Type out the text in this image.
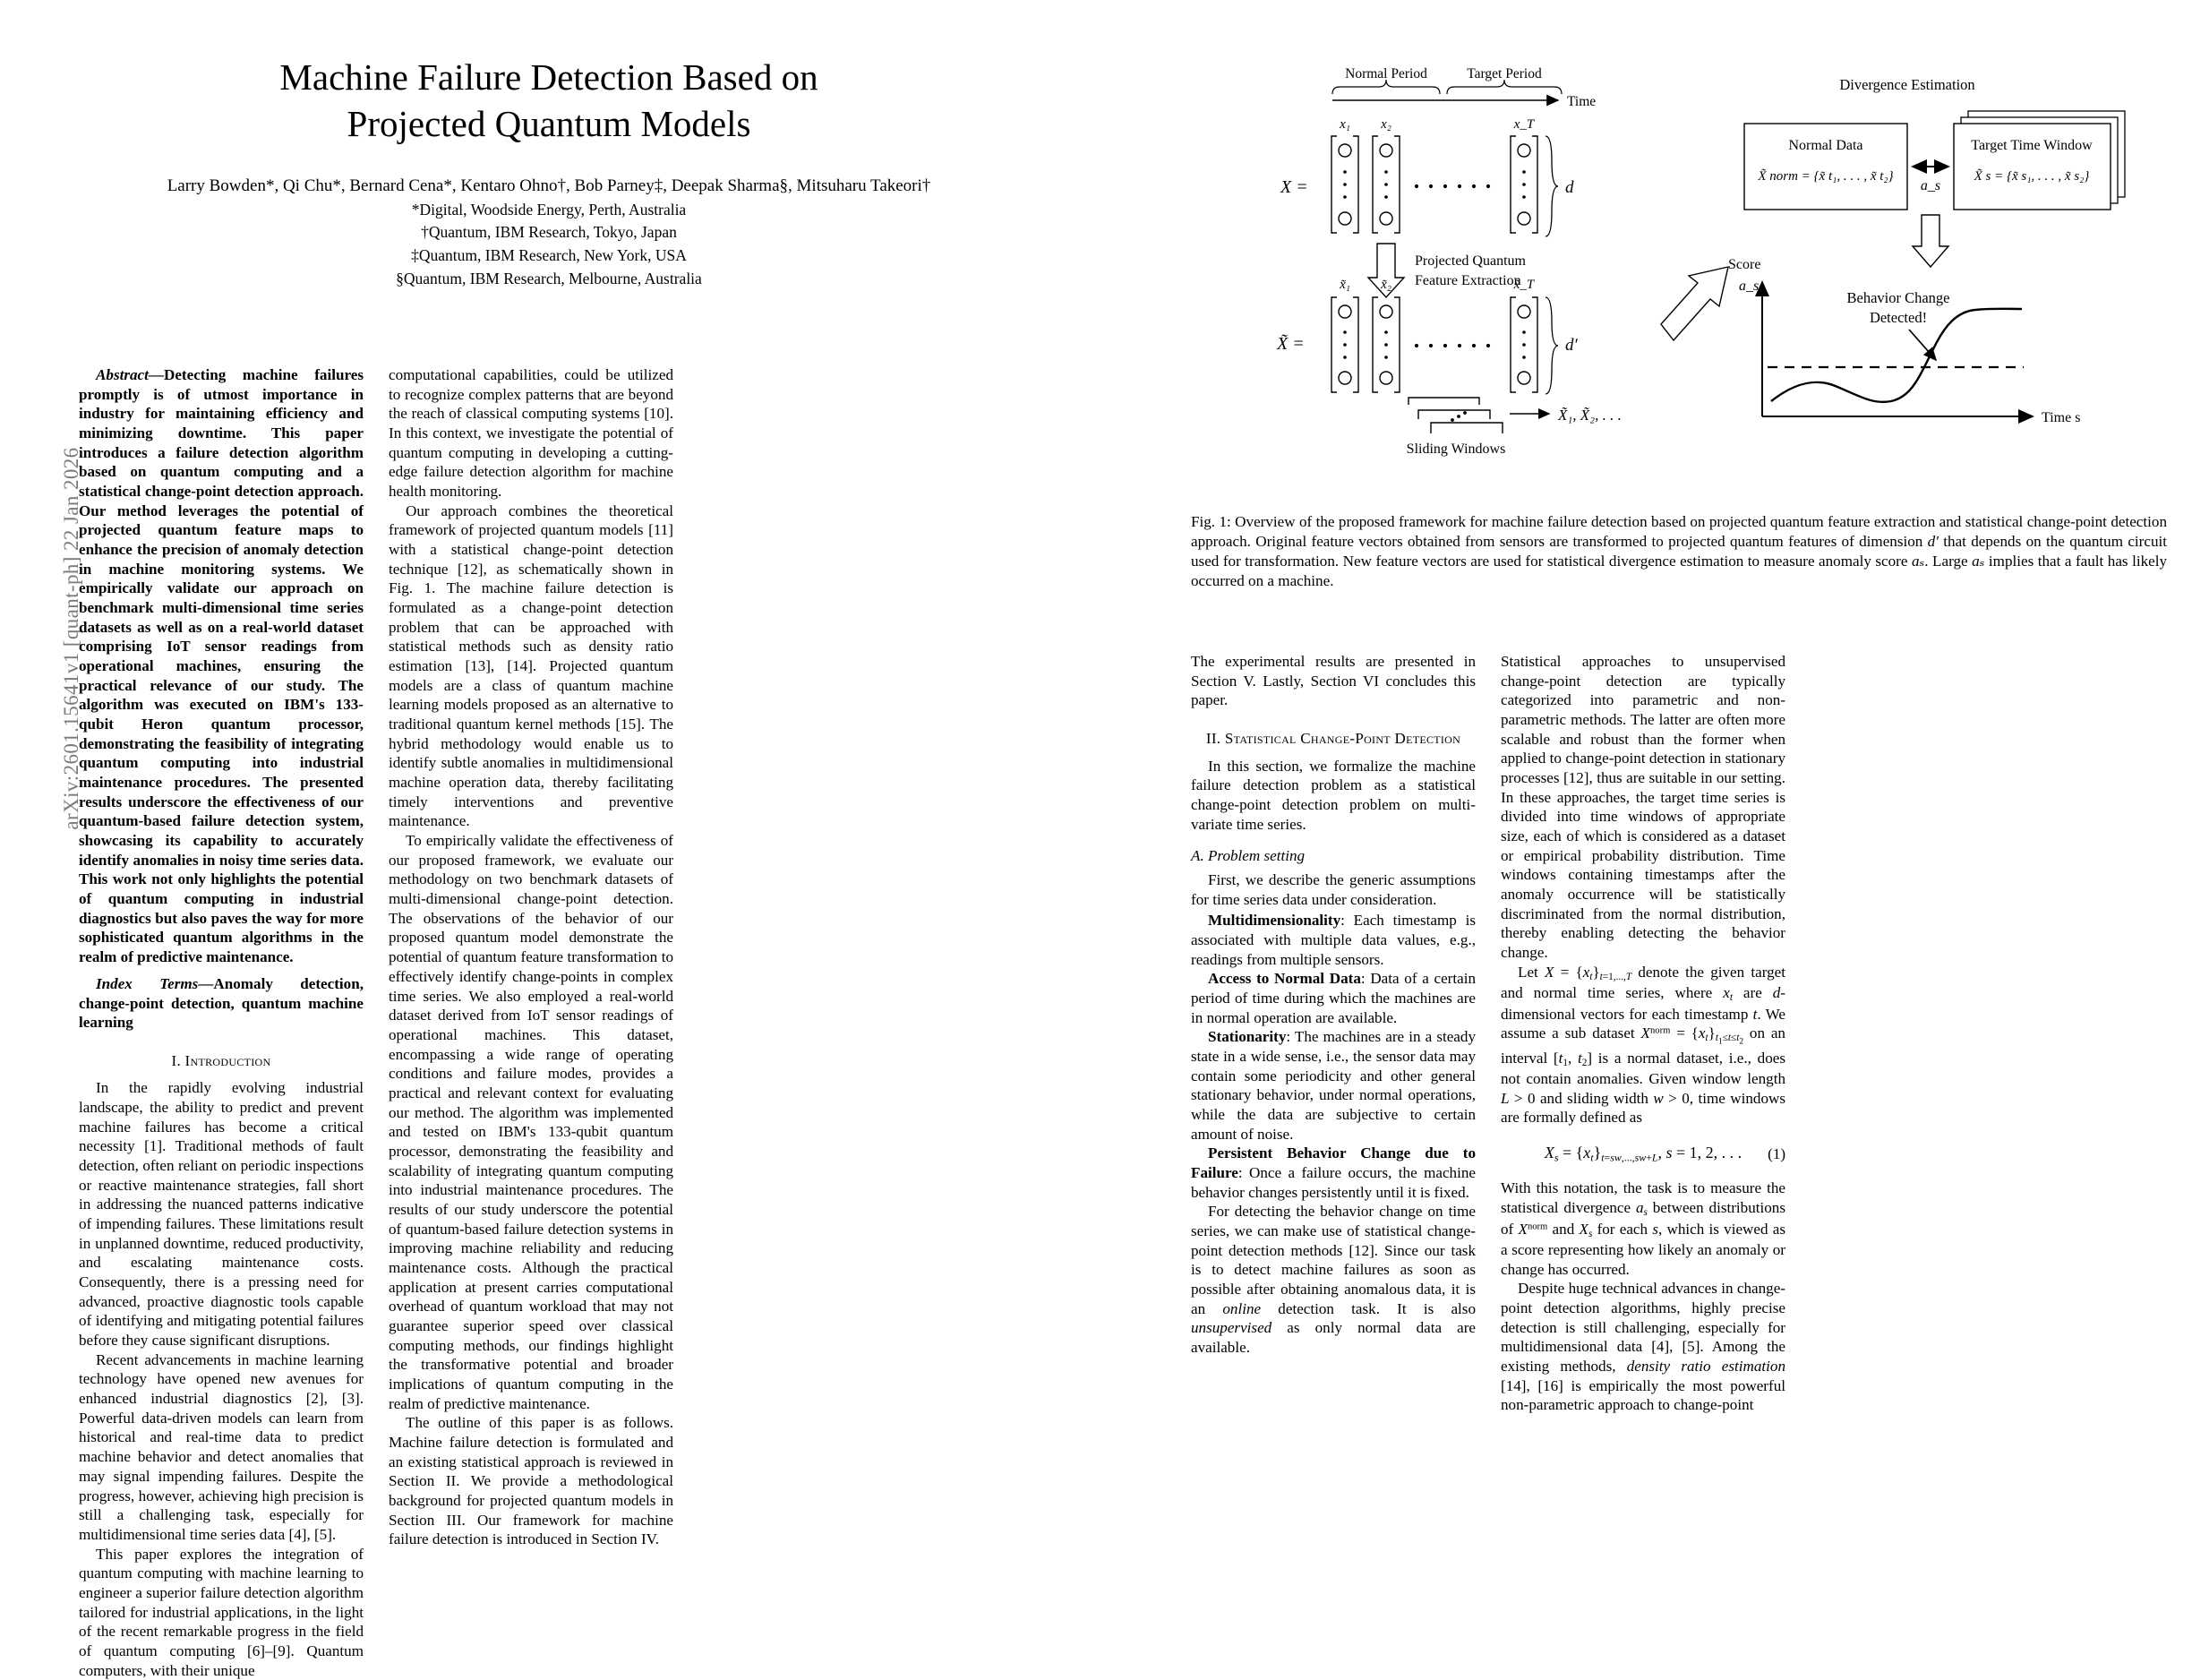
arXiv:2601.15641v1 [quant-ph] 22 Jan 2026
Machine Failure Detection Based on
Projected Quantum Models
Larry Bowden*, Qi Chu*, Bernard Cena*, Kentaro Ohno†, Bob Parney‡, Deepak Sharma§, Mitsuharu Takeori†
*Digital, Woodside Energy, Perth, Australia
†Quantum, IBM Research, Tokyo, Japan
‡Quantum, IBM Research, New York, USA
§Quantum, IBM Research, Melbourne, Australia

Abstract—Detecting machine failures promptly is of utmost importance in industry for maintaining efficiency and minimizing downtime. This paper introduces a failure detection algorithm based on quantum computing and a statistical change-point detection approach. Our method leverages the potential of projected quantum feature maps to enhance the precision of anomaly detection in machine monitoring systems. We empirically validate our approach on benchmark multi-dimensional time series datasets as well as on a real-world dataset comprising IoT sensor readings from operational machines, ensuring the practical relevance of our study. The algorithm was executed on IBM's 133-qubit Heron quantum processor, demonstrating the feasibility of integrating quantum computing into industrial maintenance procedures. The presented results underscore the effectiveness of our quantum-based failure detection system, showcasing its capability to accurately identify anomalies in noisy time series data. This work not only highlights the potential of quantum computing in industrial diagnostics but also paves the way for more sophisticated quantum algorithms in the realm of predictive maintenance.

Index Terms—Anomaly detection, change-point detection, quantum machine learning

I. Introduction

In the rapidly evolving industrial landscape, the ability to predict and prevent machine failures has become a critical necessity [1]. Traditional methods of fault detection, often reliant on periodic inspections or reactive maintenance strategies, fall short in addressing the nuanced patterns indicative of impending failures. These limitations result in unplanned downtime, reduced productivity, and escalating maintenance costs. Consequently, there is a pressing need for advanced, proactive diagnostic tools capable of identifying and mitigating potential failures before they cause significant disruptions.

Recent advancements in machine learning technology have opened new avenues for enhanced industrial diagnostics [2], [3]. Powerful data-driven models can learn from historical and real-time data to predict machine behavior and detect anomalies that may signal impending failures. Despite the progress, however, achieving high precision is still a challenging task, especially for multidimensional time series data [4], [5].

This paper explores the integration of quantum computing with machine learning to engineer a superior failure detection algorithm tailored for industrial applications, in the light of the recent remarkable progress in the field of quantum computing [6]–[9]. Quantum computers, with their unique

computational capabilities, could be utilized to recognize complex patterns that are beyond the reach of classical computing systems [10]. In this context, we investigate the potential of quantum computing in developing a cutting-edge failure detection algorithm for machine health monitoring.

Our approach combines the theoretical framework of projected quantum models [11] with a statistical change-point detection technique [12], as schematically shown in Fig. 1. The machine failure detection is formulated as a change-point detection problem that can be approached with statistical methods such as density ratio estimation [13], [14]. Projected quantum models are a class of quantum machine learning models proposed as an alternative to traditional quantum kernel methods [15]. The hybrid methodology would enable us to identify subtle anomalies in multidimensional machine operation data, thereby facilitating timely interventions and preventive maintenance.

To empirically validate the effectiveness of our proposed framework, we evaluate our methodology on two benchmark datasets of multi-dimensional change-point detection. The observations of the behavior of our proposed quantum model demonstrate the potential of quantum feature transformation to effectively identify change-points in complex time series. We also employed a real-world dataset derived from IoT sensor readings of operational machines. This dataset, encompassing a wide range of operating conditions and failure modes, provides a practical and relevant context for evaluating our method. The algorithm was implemented and tested on IBM's 133-qubit quantum processor, demonstrating the feasibility and scalability of integrating quantum computing into industrial maintenance procedures. The results of our study underscore the potential of quantum-based failure detection systems in improving machine reliability and reducing maintenance costs. Although the practical application at present carries computational overhead of quantum workload that may not guarantee superior speed over classical computing methods, our findings highlight the transformative potential and broader implications of quantum computing in the realm of predictive maintenance.

The outline of this paper is as follows. Machine failure detection is formulated and an existing statistical approach is reviewed in Section II. We provide a methodological background for projected quantum models in Section III. Our framework for machine failure detection is introduced in Section IV.

The experimental results are presented in Section V. Lastly, Section VI concludes this paper.

II. Statistical Change-Point Detection

In this section, we formalize the machine failure detection problem as a statistical change-point detection problem on multi-variate time series.

A. Problem setting

First, we describe the generic assumptions for time series data under consideration.

Multidimensionality: Each timestamp is associated with multiple data values, e.g., readings from multiple sensors.

Access to Normal Data: Data of a certain period of time during which the machines are in normal operation are available.

Stationarity: The machines are in a steady state in a wide sense, i.e., the sensor data may contain some periodicity and other general stationary behavior, under normal operations, while the data are subjective to certain amount of noise.

Persistent Behavior Change due to Failure: Once a failure occurs, the machine behavior changes persistently until it is fixed.

For detecting the behavior change on time series, we can make use of statistical change-point detection methods [12]. Since our task is to detect machine failures as soon as possible after obtaining anomalous data, it is an online detection task. It is also unsupervised as only normal data are available.

Statistical approaches to unsupervised change-point detection are typically categorized into parametric and non-parametric methods. The latter are often more scalable and robust than the former when applied to change-point detection in stationary processes [12], thus are suitable in our setting. In these approaches, the target time series is divided into time windows of appropriate size, each of which is considered as a dataset or empirical probability distribution. Time windows containing timestamps after the anomaly occurrence will be statistically discriminated from the normal distribution, thereby enabling detecting the behavior change.

Let $X = \{x_t\}_{t=1,...,T}$ denote the given target and normal time series, where $x_t$ are d-dimensional vectors for each timestamp t. We assume a sub dataset $X^{norm} = \{x_t\}_{t_1\le t\le t_2}$ on an interval [$t_1$, $t_2$] is a normal dataset, i.e., does not contain anomalies. Given window length L > 0 and sliding width w > 0, time windows are formally defined as

$X_s = \{x_t\}_{t=sw,...,sw+L}$, s = 1, 2, . . . (1)

With this notation, the task is to measure the statistical divergence $a_s$ between distributions of $X^{norm}$ and $X_s$ for each s, which is viewed as a score representing how likely an anomaly or change has occurred.

Despite huge technical advances in change-point detection algorithms, highly precise detection is still challenging, especially for multidimensional data [4], [5]. Among the existing methods, density ratio estimation [14], [16] is empirically the most powerful non-parametric approach to change-point

Normal Period	Target Period
Time
X =
x₁ x₂	x_T
d
Projected Quantum
Feature Extraction
X̃ =
x̃₁ x̃₂	x̃_T
d′
X̃₁, X̃₂, . . .
Sliding Windows
Divergence Estimation
Normal Data
X̃ norm = {x̃ t₁, . . . , x̃ t₂}
Target Time Window
X̃ s = {x̃ s₁, . . . , x̃ s₂}
a_s
Score
a_s
Time s
Behavior Change
Detected!
Fig. 1: Overview of the proposed framework for machine failure detection based on projected quantum feature extraction and statistical change-point detection approach. Original feature vectors obtained from sensors are transformed to projected quantum features of dimension d′ that depends on the quantum circuit used for transformation. New feature vectors are used for statistical divergence estimation to measure anomaly score aₛ. Large aₛ implies that a fault has likely occurred on a machine.
